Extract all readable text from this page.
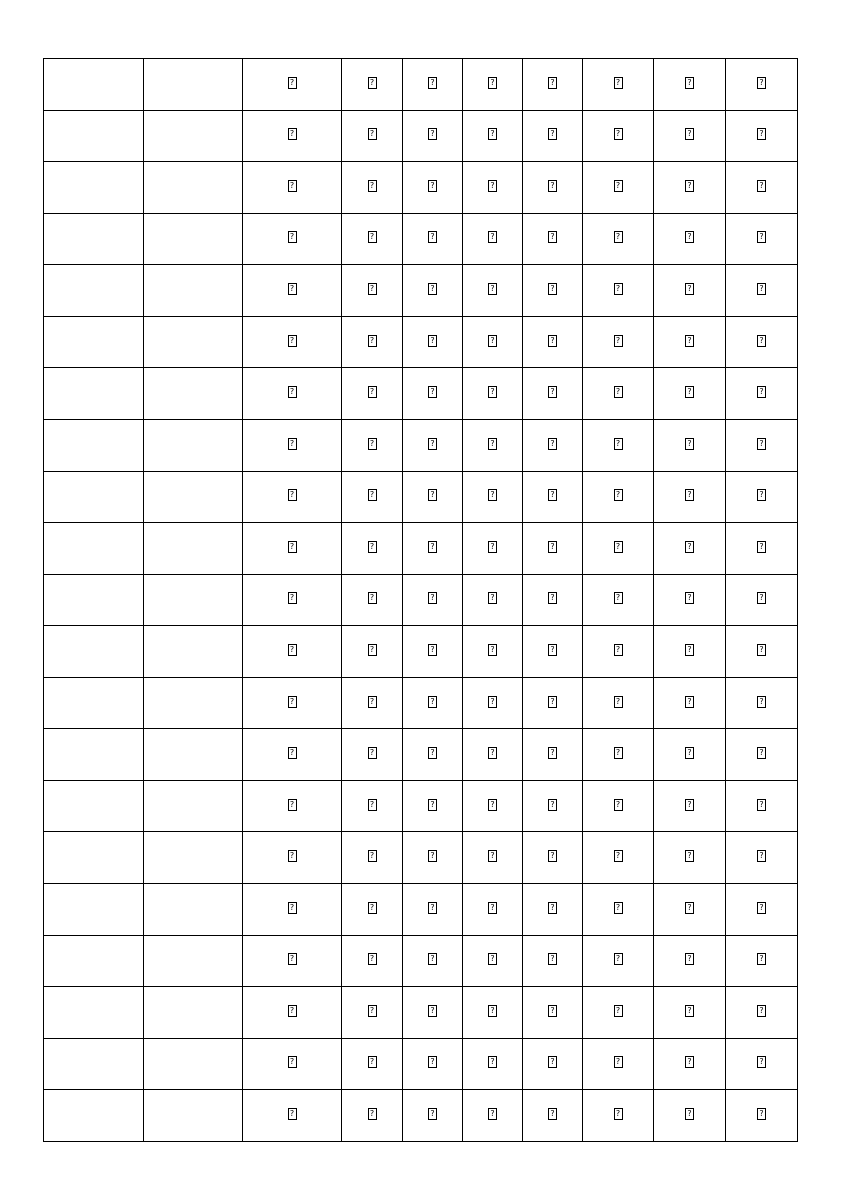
		?	?	?	?	?	?	?	?
		?	?	?	?	?	?	?	?
		?	?	?	?	?	?	?	?
		?	?	?	?	?	?	?	?
		?	?	?	?	?	?	?	?
		?	?	?	?	?	?	?	?
		?	?	?	?	?	?	?	?
		?	?	?	?	?	?	?	?
		?	?	?	?	?	?	?	?
		?	?	?	?	?	?	?	?
		?	?	?	?	?	?	?	?
		?	?	?	?	?	?	?	?
		?	?	?	?	?	?	?	?
		?	?	?	?	?	?	?	?
		?	?	?	?	?	?	?	?
		?	?	?	?	?	?	?	?
		?	?	?	?	?	?	?	?
		?	?	?	?	?	?	?	?
		?	?	?	?	?	?	?	?
		?	?	?	?	?	?	?	?
		?	?	?	?	?	?	?	?
